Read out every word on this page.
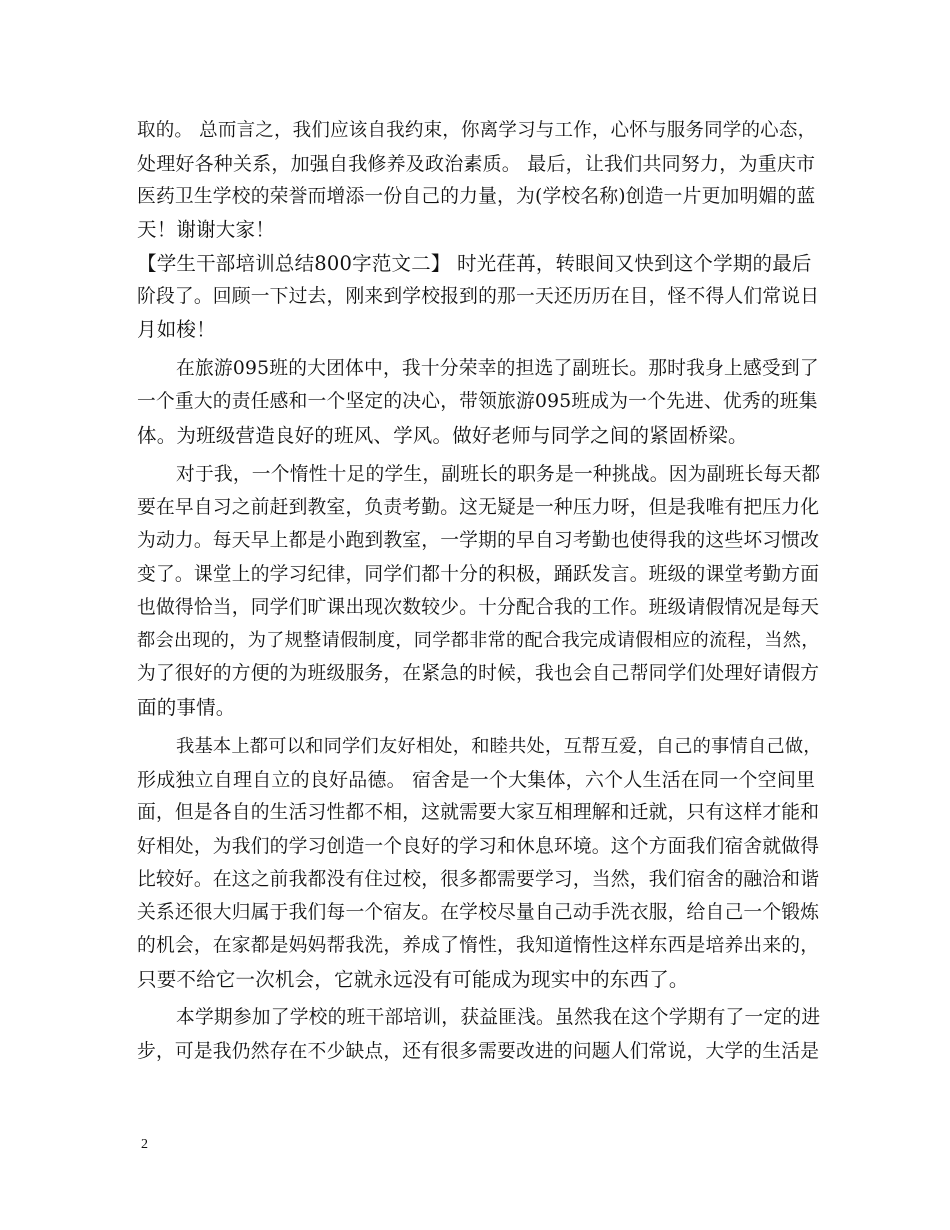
取的。 总而言之，我们应该自我约束，你离学习与工作，心怀与服务同学的心态，
处理好各种关系，加强自我修养及政治素质。 最后，让我们共同努力，为重庆市
医药卫生学校的荣誉而增添一份自己的力量，为(学校名称)创造一片更加明媚的蓝
天！谢谢大家！
【学生干部培训总结800字范文二】 时光荏苒，转眼间又快到这个学期的最后
阶段了。回顾一下过去，刚来到学校报到的那一天还历历在目，怪不得人们常说日
月如梭！
在旅游095班的大团体中，我十分荣幸的担选了副班长。那时我身上感受到了
一个重大的责任感和一个坚定的决心，带领旅游095班成为一个先进、优秀的班集
体。为班级营造良好的班风、学风。做好老师与同学之间的紧固桥梁。
对于我，一个惰性十足的学生，副班长的职务是一种挑战。因为副班长每天都
要在早自习之前赶到教室，负责考勤。这无疑是一种压力呀，但是我唯有把压力化
为动力。每天早上都是小跑到教室，一学期的早自习考勤也使得我的这些坏习惯改
变了。课堂上的学习纪律，同学们都十分的积极，踊跃发言。班级的课堂考勤方面
也做得恰当，同学们旷课出现次数较少。十分配合我的工作。班级请假情况是每天
都会出现的，为了规整请假制度，同学都非常的配合我完成请假相应的流程，当然，
为了很好的方便的为班级服务，在紧急的时候，我也会自己帮同学们处理好请假方
面的事情。
我基本上都可以和同学们友好相处，和睦共处，互帮互爱，自己的事情自己做，
形成独立自理自立的良好品德。 宿舍是一个大集体，六个人生活在同一个空间里
面，但是各自的生活习性都不相，这就需要大家互相理解和迁就，只有这样才能和
好相处，为我们的学习创造一个良好的学习和休息环境。这个方面我们宿舍就做得
比较好。在这之前我都没有住过校，很多都需要学习，当然，我们宿舍的融洽和谐
关系还很大归属于我们每一个宿友。在学校尽量自己动手洗衣服，给自己一个锻炼
的机会，在家都是妈妈帮我洗，养成了惰性，我知道惰性这样东西是培养出来的，
只要不给它一次机会，它就永远没有可能成为现实中的东西了。
本学期参加了学校的班干部培训，获益匪浅。虽然我在这个学期有了一定的进
步，可是我仍然存在不少缺点，还有很多需要改进的问题人们常说，大学的生活是
2
